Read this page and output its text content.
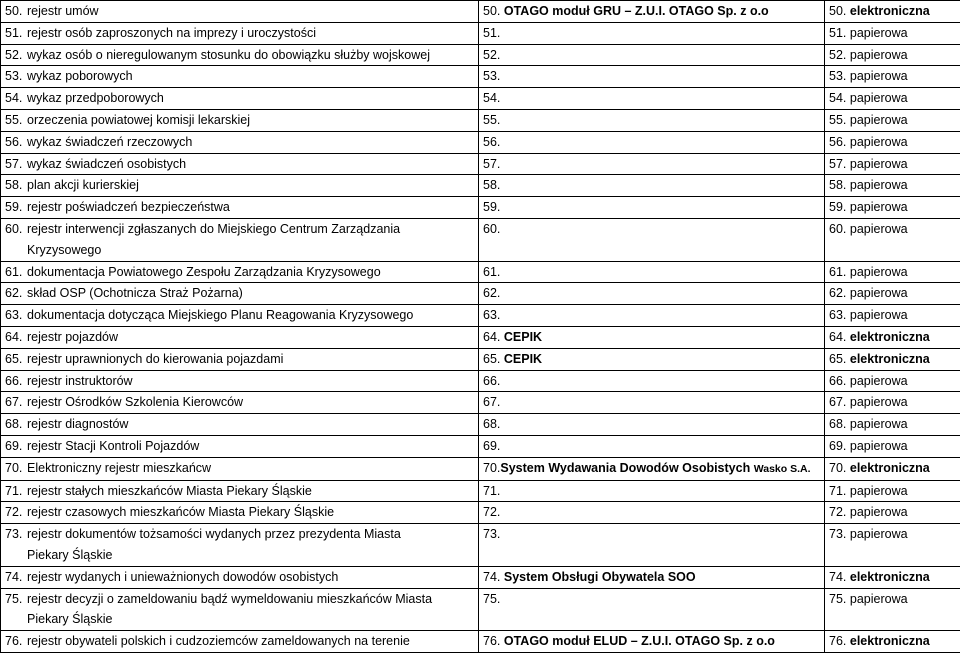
50. rejestr umów	50. OTAGO moduł GRU – Z.U.I. OTAGO Sp. z o.o	50. elektroniczna
51. rejestr osób zaproszonych na imprezy i uroczystości	51.	51. papierowa
52. wykaz osób o nieregulowanym stosunku do obowiązku służby wojskowej	52.	52. papierowa
53. wykaz poborowych	53.	53. papierowa
54. wykaz przedpoborowych	54.	54. papierowa
55. orzeczenia powiatowej komisji lekarskiej	55.	55. papierowa
56. wykaz świadczeń rzeczowych	56.	56. papierowa
57. wykaz świadczeń osobistych	57.	57. papierowa
58. plan akcji kurierskiej	58.	58. papierowa
59. rejestr poświadczeń bezpieczeństwa	59.	59. papierowa
60. rejestr interwencji zgłaszanych do Miejskiego Centrum Zarządzania
Kryzysowego	60.	60. papierowa
61. dokumentacja Powiatowego Zespołu Zarządzania Kryzysowego	61.	61. papierowa
62. skład OSP (Ochotnicza Straż Pożarna)	62.	62. papierowa
63. dokumentacja dotycząca Miejskiego Planu Reagowania Kryzysowego	63.	63. papierowa
64. rejestr pojazdów	64. CEPIK	64. elektroniczna
65. rejestr uprawnionych do kierowania pojazdami	65. CEPIK	65. elektroniczna
66. rejestr instruktorów	66.	66. papierowa
67. rejestr Ośrodków Szkolenia Kierowców	67.	67. papierowa
68. rejestr diagnostów	68.	68. papierowa
69. rejestr Stacji Kontroli Pojazdów	69.	69. papierowa
70. Elektroniczny rejestr mieszkańcw	70.System Wydawania Dowodów Osobistych Wasko S.A.	70. elektroniczna
71. rejestr stałych mieszkańców Miasta Piekary Śląskie	71.	71. papierowa
72. rejestr czasowych mieszkańców Miasta Piekary Śląskie	72.	72. papierowa
73. rejestr dokumentów tożsamości wydanych przez prezydenta Miasta
Piekary Śląskie	73.	73. papierowa
74. rejestr wydanych i unieważnionych dowodów osobistych	74. System Obsługi Obywatela SOO	74. elektroniczna
75. rejestr decyzji o zameldowaniu bądź wymeldowaniu mieszkańców Miasta
Piekary Śląskie	75.	75. papierowa
76. rejestr obywateli polskich i cudzoziemców zameldowanych na terenie	76. OTAGO moduł ELUD – Z.U.I. OTAGO Sp. z o.o	76. elektroniczna
